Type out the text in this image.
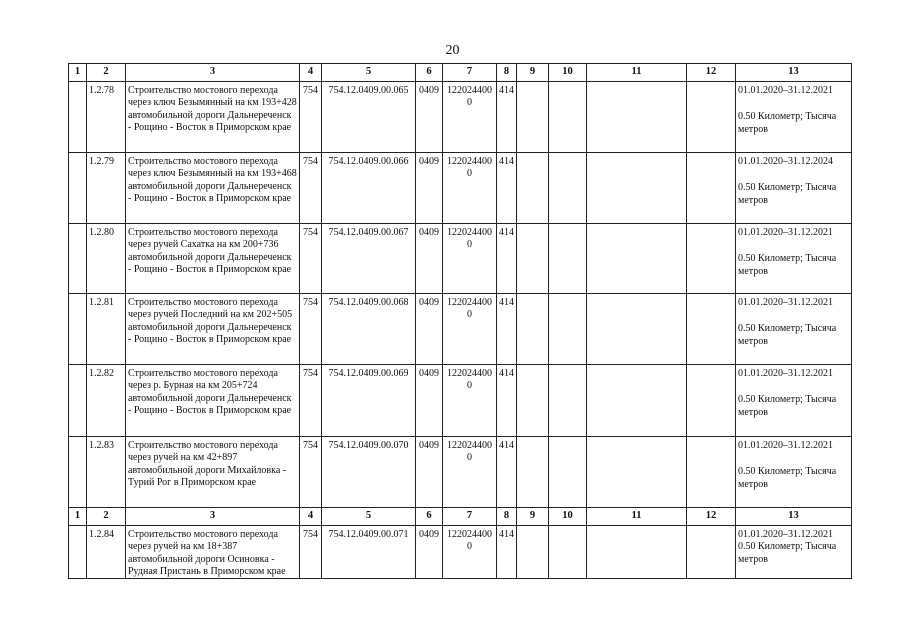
20
1	2	3	4	5	6	7	8	9	10	11	12	13
	1.2.78	Строительство мостового перехода через ключ Безымянный на км 193+428 автомобильной дороги Дальнереченск - Рощино - Восток в Приморском крае	754	754.12.0409.00.065	0409	1220244000	414					01.01.2020–31.12.2021
0.50 Километр; Тысяча метров

	1.2.79	Строительство мостового перехода через ключ Безымянный на км 193+468 автомобильной дороги Дальнереченск - Рощино - Восток в Приморском крае	754	754.12.0409.00.066	0409	1220244000	414					01.01.2020–31.12.2024
0.50 Километр; Тысяча метров

	1.2.80	Строительство мостового перехода через ручей Сахатка на км 200+736 автомобильной дороги Дальнереченск - Рощино - Восток в Приморском крае	754	754.12.0409.00.067	0409	1220244000	414					01.01.2020–31.12.2021
0.50 Километр; Тысяча метров

	1.2.81	Строительство мостового перехода через ручей Последний на км 202+505 автомобильной дороги Дальнереченск - Рощино - Восток в Приморском крае	754	754.12.0409.00.068	0409	1220244000	414					01.01.2020–31.12.2021
0.50 Километр; Тысяча метров

	1.2.82	Строительство мостового перехода через р. Бурная на км 205+724 автомобильной дороги Дальнереченск - Рощино - Восток в Приморском крае	754	754.12.0409.00.069	0409	1220244000	414					01.01.2020–31.12.2021
0.50 Километр; Тысяча метров

	1.2.83	Строительство мостового перехода через ручей на км 42+897 автомобильной дороги Михайловка - Турий Рог в Приморском крае	754	754.12.0409.00.070	0409	1220244000	414					01.01.2020–31.12.2021
0.50 Километр; Тысяча метров

1	2	3	4	5	6	7	8	9	10	11	12	13
	1.2.84	Строительство мостового перехода через ручей на км 18+387 автомобильной дороги Осиновка - Рудная Пристань в Приморском крае	754	754.12.0409.00.071	0409	1220244000	414					01.01.2020–31.12.2021
0.50 Километр; Тысяча метров
